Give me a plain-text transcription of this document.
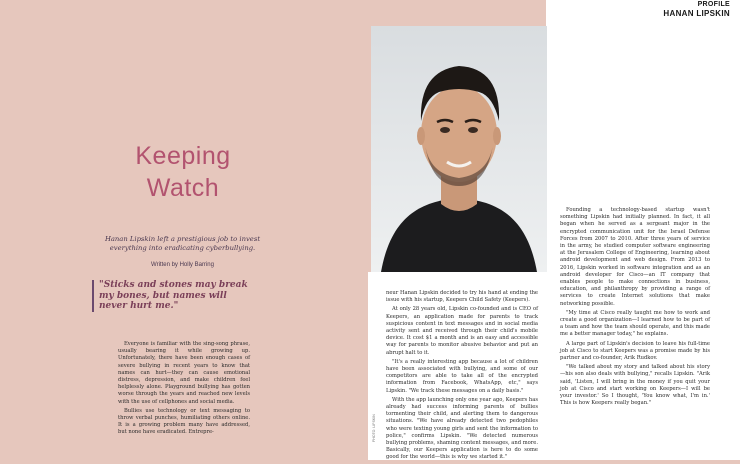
PROFILE
HANAN LIPSKIN
Keeping
Watch
Hanan Lipskin left a prestigious job to invest everything into eradicating cyberbullying.
Written by Holly Barring
"Sticks and stones may break my bones, but names will never hurt me."

Everyone is familiar with the sing-song phrase, usually bearing it while growing up. Unfortunately, there have been enough cases of severe bullying in recent years to know that names can hurt—they can cause emotional distress, depression, and make children feel helplessly alone. Playground bullying has gotten worse through the years and reached new levels with the use of cellphones and social media.

Bullies use technology or text messaging to throw verbal punches, humiliating others online. It is a growing problem many have addressed, but none have eradicated. Entrepre-	PHOTO: LIPSKIN

neur Hanan Lipskin decided to try his hand at ending the issue with his startup, Keepers Child Safety (Keepers).

At only 28 years old, Lipskin co-founded and is CEO of Keepers, an application made for parents to track suspicious content in text messages and in social media activity sent and received through their child's mobile device. It cost $1 a month and is an easy and accessible way for parents to monitor abusive behavior and put an abrupt halt to it.

"It's a really interesting app because a lot of children have been associated with bullying, and some of our competitors are able to take all of the encrypted information from Facebook, WhatsApp, etc," says Lipskin. "We track these messages on a daily basis."

With the app launching only one year ago, Keepers has already had success informing parents of bullies tormenting their child, and alerting them to dangerous situations. "We have already detected two pedophiles who were texting young girls and sent the information to police," confirms Lipskin. "We detected numerous bullying problems, shaming content messages, and more. Basically, our Keepers application is here to do some good for the world—this is why we started it."

Founding a technology-based startup wasn't something Lipskin had initially planned. In fact, it all began when he served as a sergeant major in the encrypted communication unit for the Israel Defense Forces from 2007 to 2010. After three years of service in the army, he studied computer software engineering at the Jerusalem College of Engineering, learning about android development and web design. From 2013 to 2016, Lipskin worked in software integration and as an android developer for Cisco—an IT company that enables people to make connections in business, education, and philanthropy by providing a range of services to create Internet solutions that make networking possible.

"My time at Cisco really taught me how to work and create a good organization—I learned how to be part of a team and how the team should operate, and this made me a better manager today," he explains.

A large part of Lipskin's decision to leave his full-time job at Cisco to start Keepers was a promise made by his partner and co-founder, Arik Rudkov.

"We talked about my story and talked about his story—his son also deals with bullying," recalls Lipskin. "Arik said, 'Listen, I will bring in the money if you quit your job at Cisco and start working on Keepers—I will be your investor.' So I thought, 'You know what, I'm in.' This is how Keepers really began."
